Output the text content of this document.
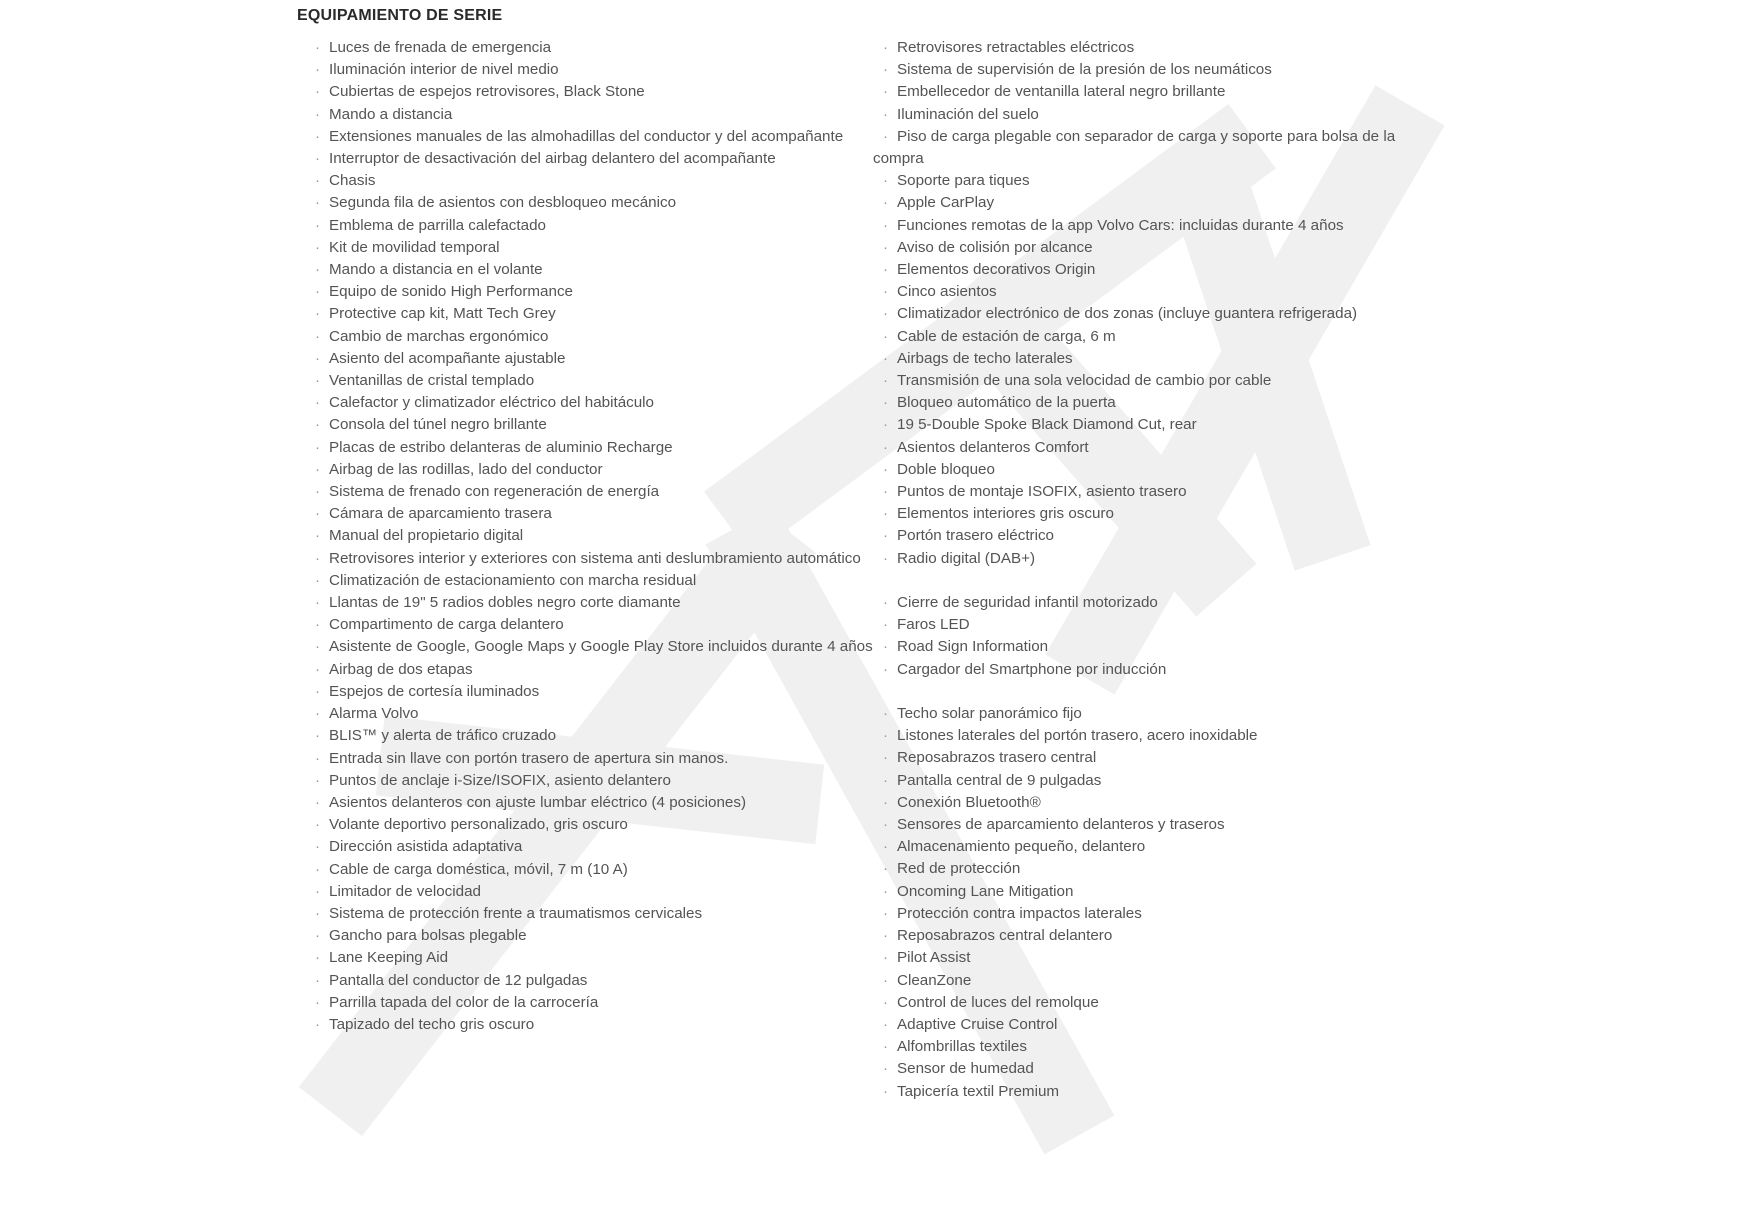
EQUIPAMIENTO DE SERIE
· Luces de frenada de emergencia
· Iluminación interior de nivel medio
· Cubiertas de espejos retrovisores, Black Stone
· Mando a distancia
· Extensiones manuales de las almohadillas del conductor y del acompañante
· Interruptor de desactivación del airbag delantero del acompañante
· Chasis
· Segunda fila de asientos con desbloqueo mecánico
· Emblema de parrilla calefactado
· Kit de movilidad temporal
· Mando a distancia en el volante
· Equipo de sonido High Performance
· Protective cap kit, Matt Tech Grey
· Cambio de marchas ergonómico
· Asiento del acompañante ajustable
· Ventanillas de cristal templado
· Calefactor y climatizador eléctrico del habitáculo
· Consola del túnel negro brillante
· Placas de estribo delanteras de aluminio Recharge
· Airbag de las rodillas, lado del conductor
· Sistema de frenado con regeneración de energía
· Cámara de aparcamiento trasera
· Manual del propietario digital
· Retrovisores interior y exteriores con sistema anti deslumbramiento automático
· Climatización de estacionamiento con marcha residual
· Llantas de 19" 5 radios dobles negro corte diamante
· Compartimento de carga delantero
· Asistente de Google, Google Maps y Google Play Store incluidos durante 4 años
· Airbag de dos etapas
· Espejos de cortesía iluminados
· Alarma Volvo
· BLIS™ y alerta de tráfico cruzado
· Entrada sin llave con portón trasero de apertura sin manos.
· Puntos de anclaje i-Size/ISOFIX, asiento delantero
· Asientos delanteros con ajuste lumbar eléctrico (4 posiciones)
· Volante deportivo personalizado, gris oscuro
· Dirección asistida adaptativa
· Cable de carga doméstica, móvil, 7 m (10 A)
· Limitador de velocidad
· Sistema de protección frente a traumatismos cervicales
· Gancho para bolsas plegable
· Lane Keeping Aid
· Pantalla del conductor de 12 pulgadas
· Parrilla tapada del color de la carrocería
· Tapizado del techo gris oscuro
· Retrovisores retractables eléctricos
· Sistema de supervisión de la presión de los neumáticos
· Embellecedor de ventanilla lateral negro brillante
· Iluminación del suelo
· Piso de carga plegable con separador de carga y soporte para bolsa de la compra
· Soporte para tiques
· Apple CarPlay
· Funciones remotas de la app Volvo Cars: incluidas durante 4 años
· Aviso de colisión por alcance
· Elementos decorativos Origin
· Cinco asientos
· Climatizador electrónico de dos zonas (incluye guantera refrigerada)
· Cable de estación de carga, 6 m
· Airbags de techo laterales
· Transmisión de una sola velocidad de cambio por cable
· Bloqueo automático de la puerta
· 19 5-Double Spoke Black Diamond Cut, rear
· Asientos delanteros Comfort
· Doble bloqueo
· Puntos de montaje ISOFIX, asiento trasero
· Elementos interiores gris oscuro
· Portón trasero eléctrico
· Radio digital (DAB+)
· Cierre de seguridad infantil motorizado
· Faros LED
· Road Sign Information
· Cargador del Smartphone por inducción
· Techo solar panorámico fijo
· Listones laterales del portón trasero, acero inoxidable
· Reposabrazos trasero central
· Pantalla central de 9 pulgadas
· Conexión Bluetooth®
· Sensores de aparcamiento delanteros y traseros
· Almacenamiento pequeño, delantero
· Red de protección
· Oncoming Lane Mitigation
· Protección contra impactos laterales
· Reposabrazos central delantero
· Pilot Assist
· CleanZone
· Control de luces del remolque
· Adaptive Cruise Control
· Alfombrillas textiles
· Sensor de humedad
· Tapicería textil Premium
